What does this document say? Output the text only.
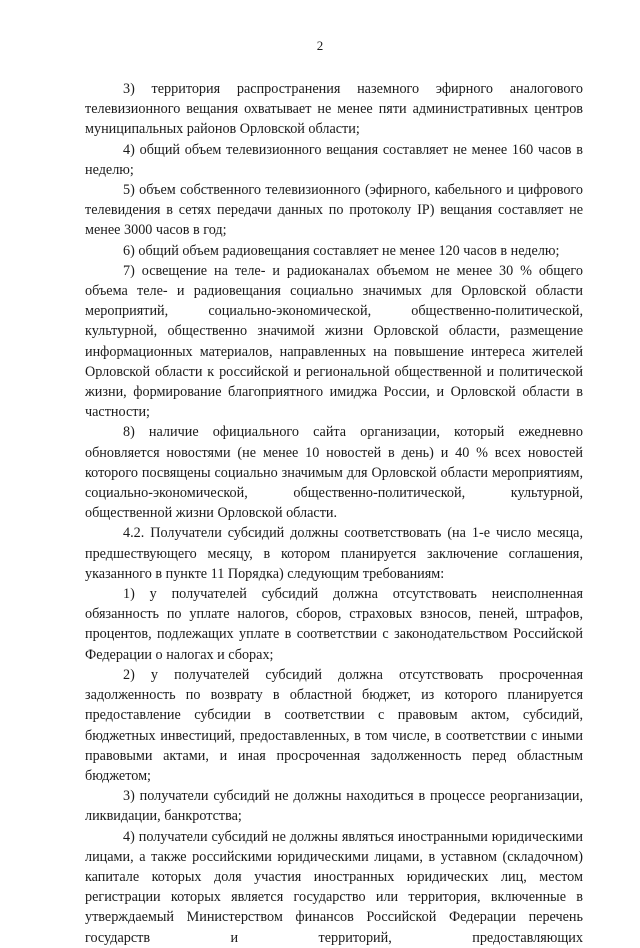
2

3) территория распространения наземного эфирного аналогового телевизионного вещания охватывает не менее пяти административных центров муниципальных районов Орловской области;

4) общий объем телевизионного вещания составляет не менее 160 часов в неделю;

5) объем собственного телевизионного (эфирного, кабельного и цифрового телевидения в сетях передачи данных по протоколу IP) вещания составляет не менее 3000 часов в год;

6) общий объем радиовещания составляет не менее 120 часов в неделю;

7) освещение на теле- и радиоканалах объемом не менее 30 % общего объема теле- и радиовещания социально значимых для Орловской области мероприятий, социально-экономической, общественно-политической, культурной, общественно значимой жизни Орловской области, размещение информационных материалов, направленных на повышение интереса жителей Орловской области к российской и региональной общественной и политической жизни, формирование благоприятного имиджа России, и Орловской области в частности;

8) наличие официального сайта организации, который ежедневно обновляется новостями (не менее 10 новостей в день) и 40 % всех новостей которого посвящены социально значимым для Орловской области мероприятиям, социально-экономической, общественно-политической, культурной, общественной жизни Орловской области.

4.2. Получатели субсидий должны соответствовать (на 1-е число месяца, предшествующего месяцу, в котором планируется заключение соглашения, указанного в пункте 11 Порядка) следующим требованиям:

1) у получателей субсидий должна отсутствовать неисполненная обязанность по уплате налогов, сборов, страховых взносов, пеней, штрафов, процентов, подлежащих уплате в соответствии с законодательством Российской Федерации о налогах и сборах;

2) у получателей субсидий должна отсутствовать просроченная задолженность по возврату в областной бюджет, из которого планируется предоставление субсидии в соответствии с правовым актом, субсидий, бюджетных инвестиций, предоставленных, в том числе, в соответствии с иными правовыми актами, и иная просроченная задолженность перед областным бюджетом;

3) получатели субсидий не должны находиться в процессе реорганизации, ликвидации, банкротства;

4) получатели субсидий не должны являться иностранными юридическими лицами, а также российскими юридическими лицами, в уставном (складочном) капитале которых доля участия иностранных юридических лиц, местом регистрации которых является государство или территория, включенные в утверждаемый Министерством финансов Российской Федерации перечень государств и территорий, предоставляющих
